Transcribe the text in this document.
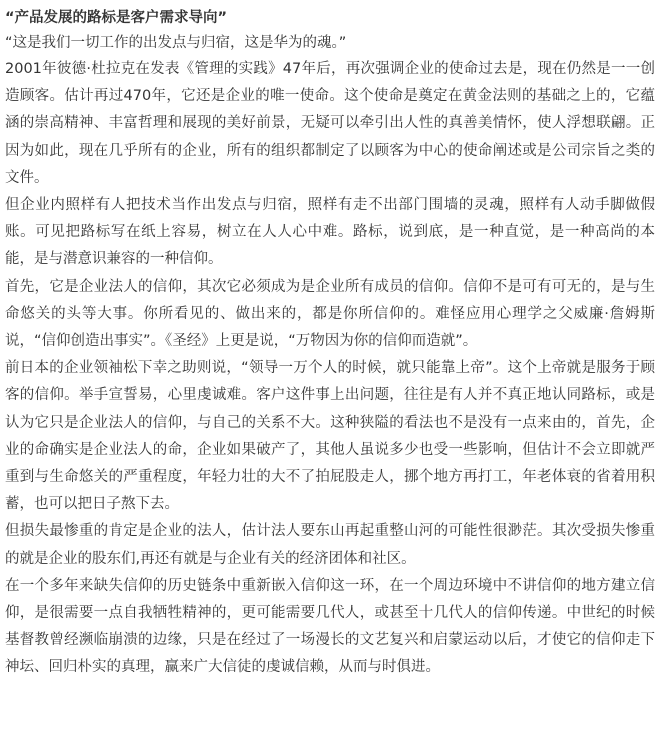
“产品发展的路标是客户需求导向”

“这是我们一切工作的出发点与归宿，这是华为的魂。”

2001年彼德·杜拉克在发表《管理的实践》47年后，再次强调企业的使命过去是，现在仍然是一一创造顾客。估计再过470年，它还是企业的唯一使命。这个使命是奠定在黄金法则的基础之上的，它蕴涵的崇高精神、丰富哲理和展现的美好前景，无疑可以牵引出人性的真善美情怀，使人浮想联翩。正因为如此，现在几乎所有的企业，所有的组织都制定了以顾客为中心的使命阐述或是公司宗旨之类的文件。

但企业内照样有人把技术当作出发点与归宿，照样有走不出部门围墙的灵魂，照样有人动手脚做假账。可见把路标写在纸上容易，树立在人人心中难。路标，说到底，是一种直觉，是一种高尚的本能，是与潜意识兼容的一种信仰。

首先，它是企业法人的信仰，其次它必须成为是企业所有成员的信仰。信仰不是可有可无的，是与生命悠关的头等大事。你所看见的、做出来的，都是你所信仰的。难怪应用心理学之父威廉·詹姆斯说，“信仰创造出事实”。《圣经》上更是说，“万物因为你的信仰而造就”。

前日本的企业领袖松下幸之助则说，“领导一万个人的时候，就只能靠上帝”。这个上帝就是服务于顾客的信仰。举手宣誓易，心里虔诚难。客户这件事上出问题，往往是有人并不真正地认同路标，或是认为它只是企业法人的信仰，与自己的关系不大。这种狭隘的看法也不是没有一点来由的，首先，企业的命确实是企业法人的命，企业如果破产了，其他人虽说多少也受一些影响，但估计不会立即就严重到与生命悠关的严重程度，年轻力壮的大不了拍屁股走人，挪个地方再打工，年老体衰的省着用积蓄，也可以把日子熬下去。

但损失最惨重的肯定是企业的法人，估计法人要东山再起重整山河的可能性很渺茫。其次受损失惨重的就是企业的股东们,再还有就是与企业有关的经济团体和社区。

在一个多年来缺失信仰的历史链条中重新嵌入信仰这一环，在一个周边环境中不讲信仰的地方建立信仰，是很需要一点自我牺牲精神的，更可能需要几代人，或甚至十几代人的信仰传递。中世纪的时候基督教曾经濒临崩溃的边缘，只是在经过了一场漫长的文艺复兴和启蒙运动以后，才使它的信仰走下神坛、回归朴实的真理，赢来广大信徒的虔诚信赖，从而与时俱进。
